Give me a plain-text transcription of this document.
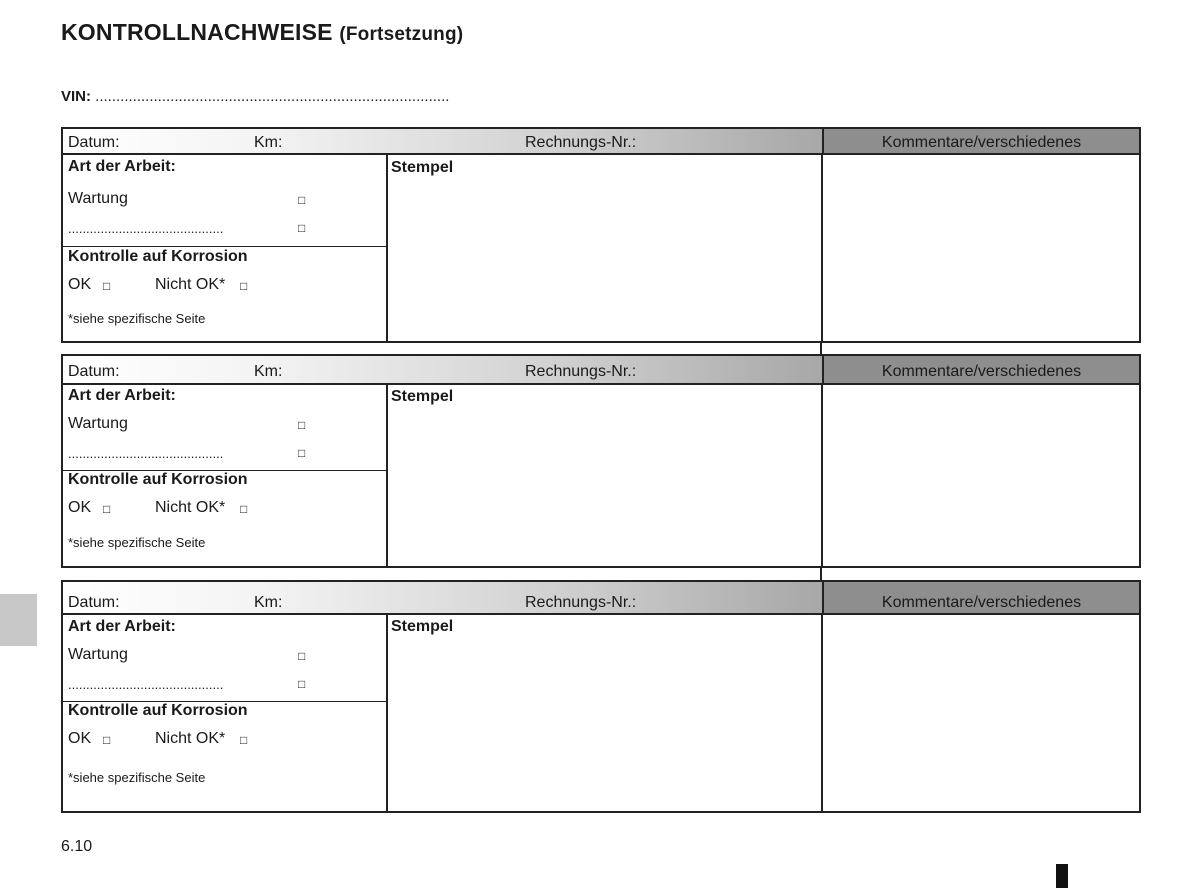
KONTROLLNACHWEISE (Fortsetzung)
VIN: .....................................................................................
Datum:	Km:	Rechnungs-Nr.:	Kommentare/verschiedenes
Art der Arbeit:
Wartung	□
...........................................	□
Kontrolle auf Korrosion
OK □	Nicht OK* □
*siehe spezifische Seite
Stempel
Datum:	Km:	Rechnungs-Nr.:	Kommentare/verschiedenes
Art der Arbeit:
Wartung	□
...........................................	□
Kontrolle auf Korrosion
OK □	Nicht OK* □
*siehe spezifische Seite
Stempel
Datum:	Km:	Rechnungs-Nr.:	Kommentare/verschiedenes
Art der Arbeit:
Wartung	□
...........................................	□
Kontrolle auf Korrosion
OK □	Nicht OK* □
*siehe spezifische Seite
Stempel
6.10
